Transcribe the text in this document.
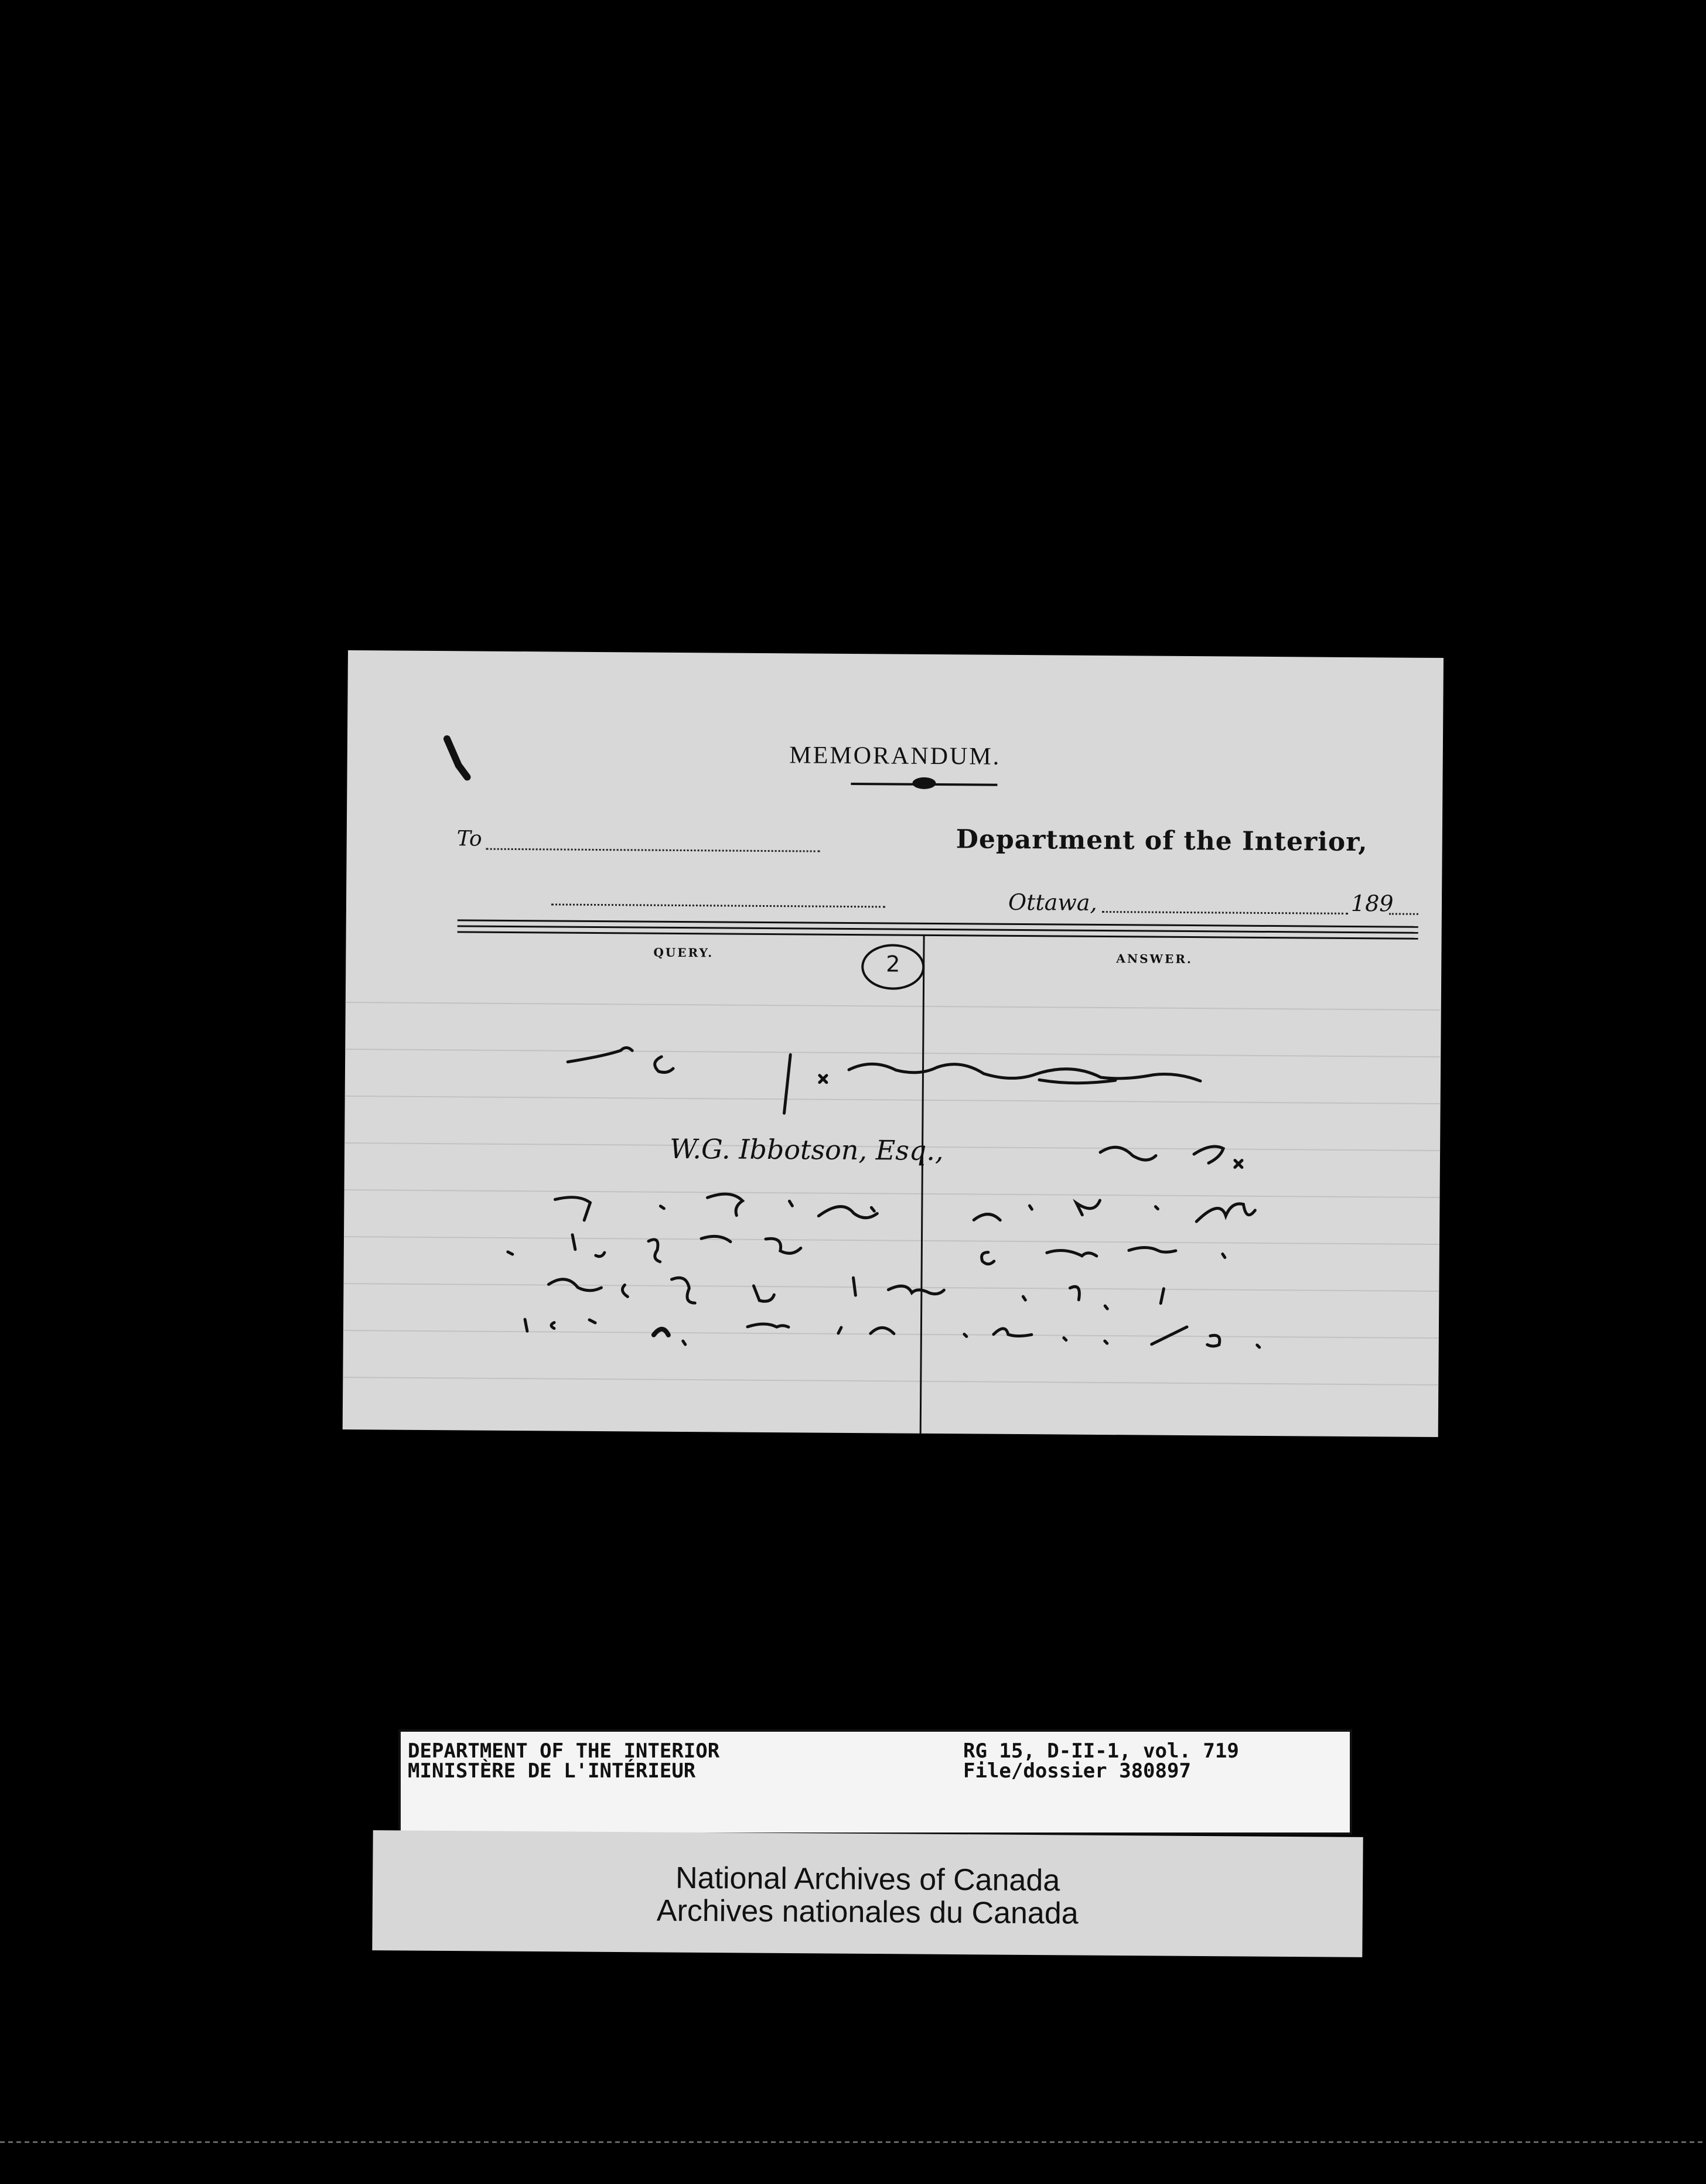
MEMORANDUM.
To	Department of the Interior,
Ottawa,	189
QUERY.	ANSWER.
2
W.G. Ibbotson, Esq.,
DEPARTMENT OF THE INTERIOR
MINISTÈRE DE L'INTÉRIEUR
RG 15, D-II-1, vol. 719
File/dossier 380897
National Archives of Canada
Archives nationales du Canada
